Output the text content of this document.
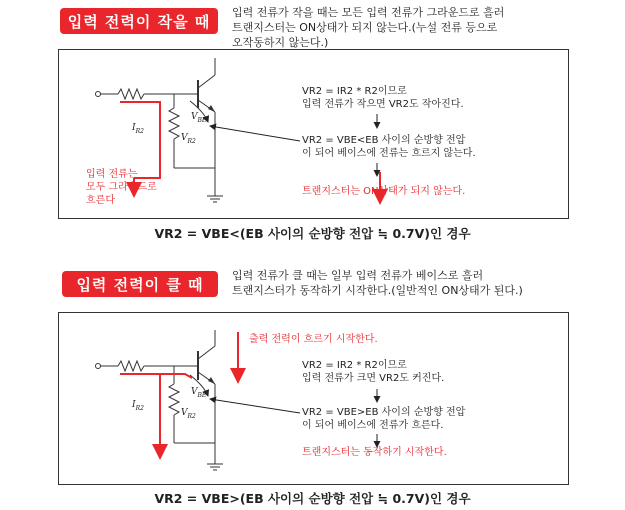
입력 전력이 작을 때	입력 전류가 작을 때는 모든 입력 전류가 그라운드로 흘러
트랜지스터는 ON상태가 되지 않는다.(누설 전류 등으로
오작동하지 않는다.)
$I_{R2}$
$V_{BE}$
$V_{R2}$
VR2 = IR2 * R2이므로
입력 전류가 작으면 VR2도 작아진다.
VR2 = VBE<EB 사이의 순방향 전압
이 되어 베이스에 전류는 흐르지 않는다.
트랜지스터는 ON상태가 되지 않는다.
입력 전류는
모두 그라운드로
흐른다
VR2 = VBE<(EB 사이의 순방향 전압 ≒ 0.7V)인 경우
입력 전력이 클 때	입력 전류가 클 때는 일부 입력 전류가 베이스로 흘러
트랜지스터가 동작하기 시작한다.(일반적인 ON상태가 된다.)
$I_{R2}$
$V_{BE}$
$V_{R2}$
출력 전력이 흐르기 시작한다.
VR2 = IR2 * R2이므로
입력 전류가 크면 VR2도 커진다.
VR2 = VBE>EB 사이의 순방향 전압
이 되어 베이스에 전류가 흐른다.
트랜지스터는 동작하기 시작한다.
VR2 = VBE>(EB 사이의 순방향 전압 ≒ 0.7V)인 경우
